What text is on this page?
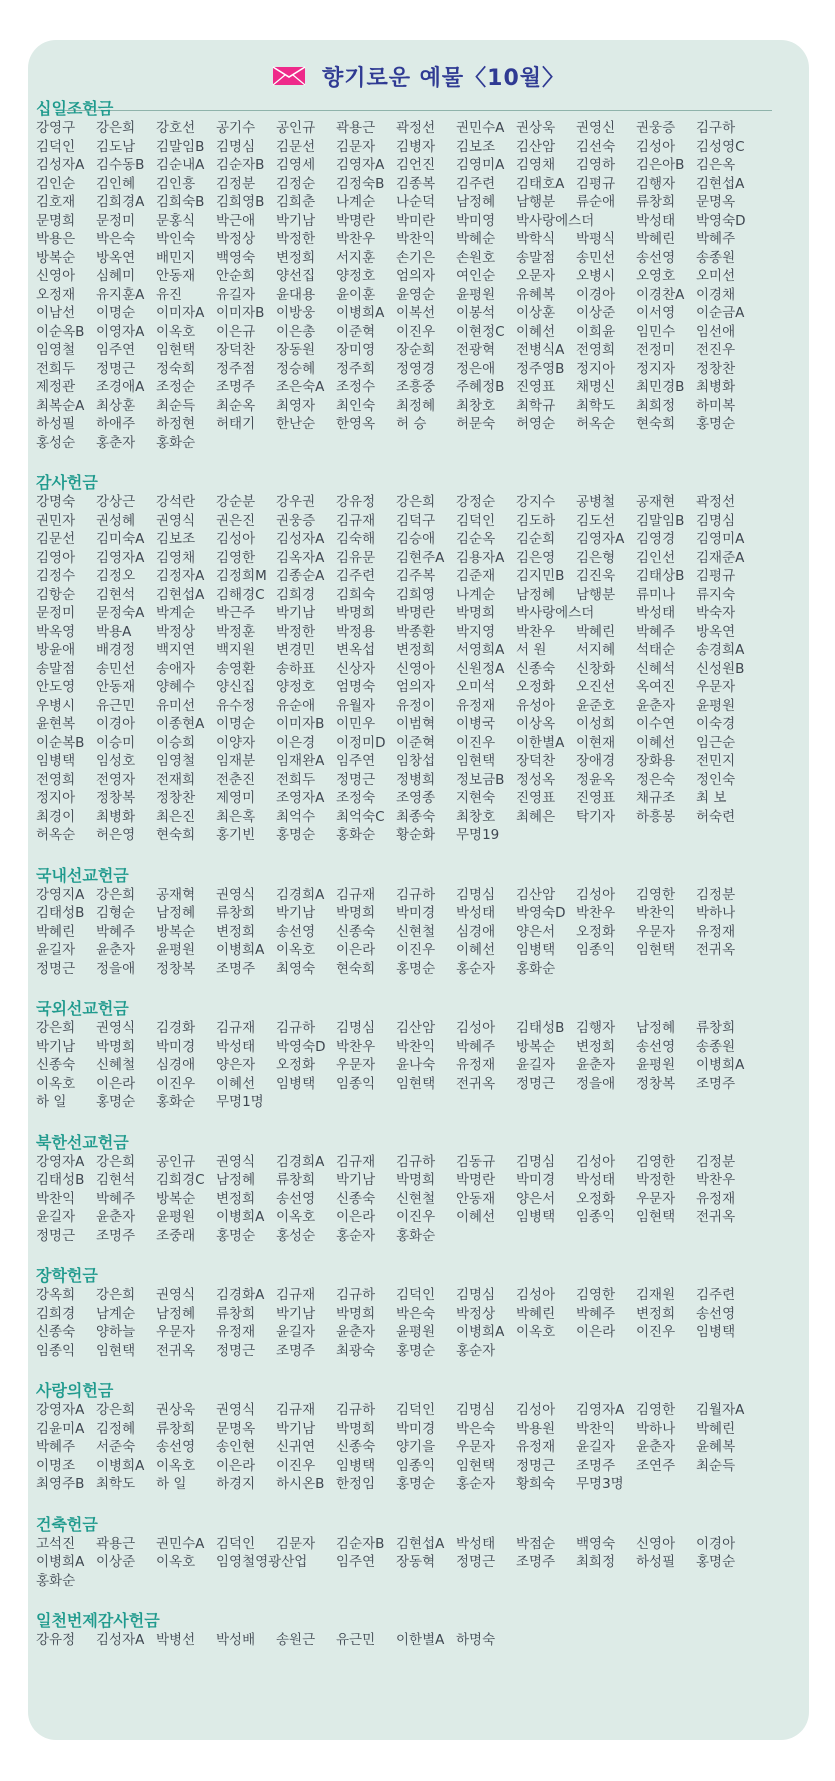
향기로운 예물〈10월〉
십일조헌금
강영구	강은희	강호선	공기수	공인규	곽용근	곽정선	권민수A 권상욱	권영신	권웅증	김구하
김덕인	김도남	김말임B 김명심	김문선	김문자	김병자	김보조	김산암	김선숙	김성아	김성영C
김성자A 김수동B 김순내A 김순자B 김영세	김영자A 김언진	김영미A 김영채	김영하	김은아B 김은옥
김인순	김인혜	김인흥	김정분	김정순	김정숙B 김종복	김주련	김태호A 김평규	김행자	김현섭A
김호재	김희경A 김희숙B 김희영B 김희춘	나계순	나순덕	남정혜	남행분	류순애	류창희	문명옥
문명희	문정미	문홍식	박근애	박기남	박명란	박미란	박미영	박사랑에스더	박성태	박영숙D
박용은	박은숙	박인숙	박정상	박정한	박찬우	박찬익	박혜순	박학식	박평식	박혜린	박혜주
방복순	방옥연	배민지	백영숙	변정희	서지훈	손기은	손원호	송말점	송민선	송선영	송종원
신영아	심혜미	안동재	안순희	양선집	양정호	엄의자	여인순	오문자	오병시	오영호	오미선
오정재	유지훈A 유진	유길자	윤대용	윤이훈	윤영순	윤평원	유혜복	이경아	이경찬A 이경채
이남선	이명순	이미자A 이미자B 이방웅	이병희A 이복선	이봉석	이상훈	이상준	이서영	이순금A
이순옥B 이영자A 이옥호	이은규	이은총	이준혁	이진우	이현정C 이혜선	이희윤	임민수	임선애
임영철	임주연	임현택	장덕찬	장동원	장미영	장순희	전광혁	전병식A 전영희	전정미	전진우
전희두	정명근	정숙희	정주점	정승혜	정주희	정영경	정은애	정주영B 정지아	정지자	정창찬
제정관	조경애A 조정순	조명주	조은숙A 조정수	조흥중	주혜정B 진영표	채명신	최민경B 최병화
최복순A 최상훈	최순득	최순옥	최영자	최인숙	최정혜	최창호	최학규	최학도	최희정	하미복
하성필	하애주	하정현	허태기	한난순	한영옥	허 승	허문숙	허영순	허옥순	현숙희	홍명순
홍성순	홍춘자	홍화순
감사헌금
강명숙	강상근	강석란	강순분	강우권	강유정	강은희	강정순	강지수	공병철	공재현	곽정선
권민자	권성혜	권영식	권은진	권웅증	김규재	김덕구	김덕인	김도하	김도선	김말임B 김명심
김문선	김미숙A 김보조	김성아	김성자A 김숙해	김승애	김순옥	김순희	김영자A 김영경	김영미A
김영아	김영자A 김영채	김영한	김옥자A 김유문	김현주A 김용자A 김은영	김은형	김인선	김재준A
김정수	김정오	김정자A 김정희M 김종순A 김주련	김주복	김준재	김지민B 김진욱	김태상B 김평규
김항순	김현석	김현섭A 김해경C 김희경	김희숙	김희영	나계순	남정혜	남행분	류미나	류지숙
문정미	문정숙A 박계순	박근주	박기남	박명희	박명란	박명희	박사랑에스더	박성태	박숙자
박옥영	박용A	박정상	박정훈	박정한	박정용	박종환	박지영	박찬우	박혜린	박혜주	방옥연
방윤애	배경정	백지연	백지원	변경민	변옥섭	변정희	서영희A 서 원	서지혜	석태순	송경희A
송말점	송민선	송애자	송영환	송하표	신상자	신영아	신원정A 신종숙	신창화	신혜석	신성원B
안도영	안동재	양혜수	양신집	양정호	엄명숙	엄의자	오미석	오정화	오진선	옥여진	우문자
우병시	유근민	유미선	유수정	유순애	유월자	유정이	유정재	유성아	윤준호	윤춘자	윤평원
윤현복	이경아	이종현A 이명순	이미자B 이민우	이범혁	이병국	이상옥	이성희	이수연	이숙경
이순복B 이승미	이승희	이양자	이은경	이정미D 이준혁	이진우	이한별A 이현재	이혜선	임근순
임병택	임성호	임영철	임재분	임재완A 임주연	임창섭	임현택	장덕찬	장애경	장화용	전민지
전영희	전영자	전재희	전춘진	전희두	정명근	정병희	정보금B 정성옥	정윤옥	정은숙	정인숙
정지아	정창복	정창찬	제영미	조영자A 조정숙	조영종	지현숙	진영표	진영표	채규조	최 보
최경이	최병화	최은진	최은혹	최억수	최억숙C 최종숙	최창호	최혜은	탁기자	하흥봉	허숙련
허옥순	허은영	현숙희	홍기빈	홍명순	홍화순	황순화	무명19
국내선교헌금
강영지A 강은희	공재혁	권영식	김경희A 김규재	김규하	김명심	김산암	김성아	김영한	김정분
김태성B 김형순	남정혜	류창희	박기남	박명희	박미경	박성태	박영숙D 박찬우	박찬익	박하나
박혜린	박혜주	방복순	변정희	송선영	신종숙	신현철	심경애	양은서	오정화	우문자	유정재
윤길자	윤춘자	윤평원	이병희A 이옥호	이은라	이진우	이혜선	임병택	임종익	임현택	전귀옥
정명근	정을애	정창복	조명주	최영숙	현숙희	홍명순	홍순자	홍화순
국외선교헌금
강은희	권영식	김경화	김규재	김규하	김명심	김산암	김성아	김태성B 김행자	남정혜	류창희
박기남	박명희	박미경	박성태	박영숙D 박찬우	박찬익	박혜주	방복순	변정희	송선영	송종원
신종숙	신혜철	심경애	양은자	오정화	우문자	윤나숙	유정재	윤길자	윤춘자	윤평원	이병희A
이옥호	이은라	이진우	이혜선	임병택	임종익	임현택	전귀옥	정명근	정을애	정창복	조명주
하 일	홍명순	홍화순	무명1명
북한선교헌금
강영자A 강은희	공인규	권영식	김경희A 김규재	김규하	김동규	김명심	김성아	김영한	김정분
김태성B 김현석	김희경C 남정혜	류창희	박기남	박명희	박명란	박미경	박성태	박정한	박찬우
박찬익	박혜주	방복순	변정희	송선영	신종숙	신현철	안동재	양은서	오정화	우문자	유정재
윤길자	윤춘자	윤평원	이병희A 이옥호	이은라	이진우	이혜선	임병택	임종익	임현택	전귀옥
정명근	조명주	조중래	홍명순	홍성순	홍순자	홍화순
장학헌금
강옥희	강은희	권영식	김경화A 김규재	김규하	김덕인	김명심	김성아	김영한	김재원	김주련
김희경	남계순	남정혜	류창희	박기남	박명희	박은숙	박정상	박혜린	박혜주	변정희	송선영
신종숙	양하늘	우문자	유정재	윤길자	윤춘자	윤평원	이병희A 이옥호	이은라	이진우	임병택
임종익	임현택	전귀옥	정명근	조명주	최광숙	홍명순	홍순자
사랑의헌금
강영자A 강은희	권상욱	권영식	김규재	김규하	김덕인	김명심	김성아	김영자A 김영한	김월자A
김윤미A 김정혜	류창희	문명옥	박기남	박명희	박미경	박은숙	박용원	박찬익	박하나	박혜린
박혜주	서준숙	송선영	송인현	신귀연	신종숙	양기을	우문자	유정재	윤길자	윤춘자	윤혜복
이명조	이병희A 이옥호	이은라	이진우	임병택	임종익	임현택	정명근	조명주	조연주	최순득
최영주B 최학도	하 일	하경지	하시온B 한정임	홍명순	홍순자	황희숙	무명3명
건축헌금
고석진	곽용근	권민수A 김덕인	김문자	김순자B 김현섭A 박성태	박점순	백영숙	신영아	이경아
이병희A 이상준	이옥호	임영철영광산업	임주연	장동혁	정명근	조명주	최희정	하성필	홍명순
홍화순
일천번제감사헌금
강유정	김성자A 박병선	박성배	송원근	유근민	이한별A 하명숙
